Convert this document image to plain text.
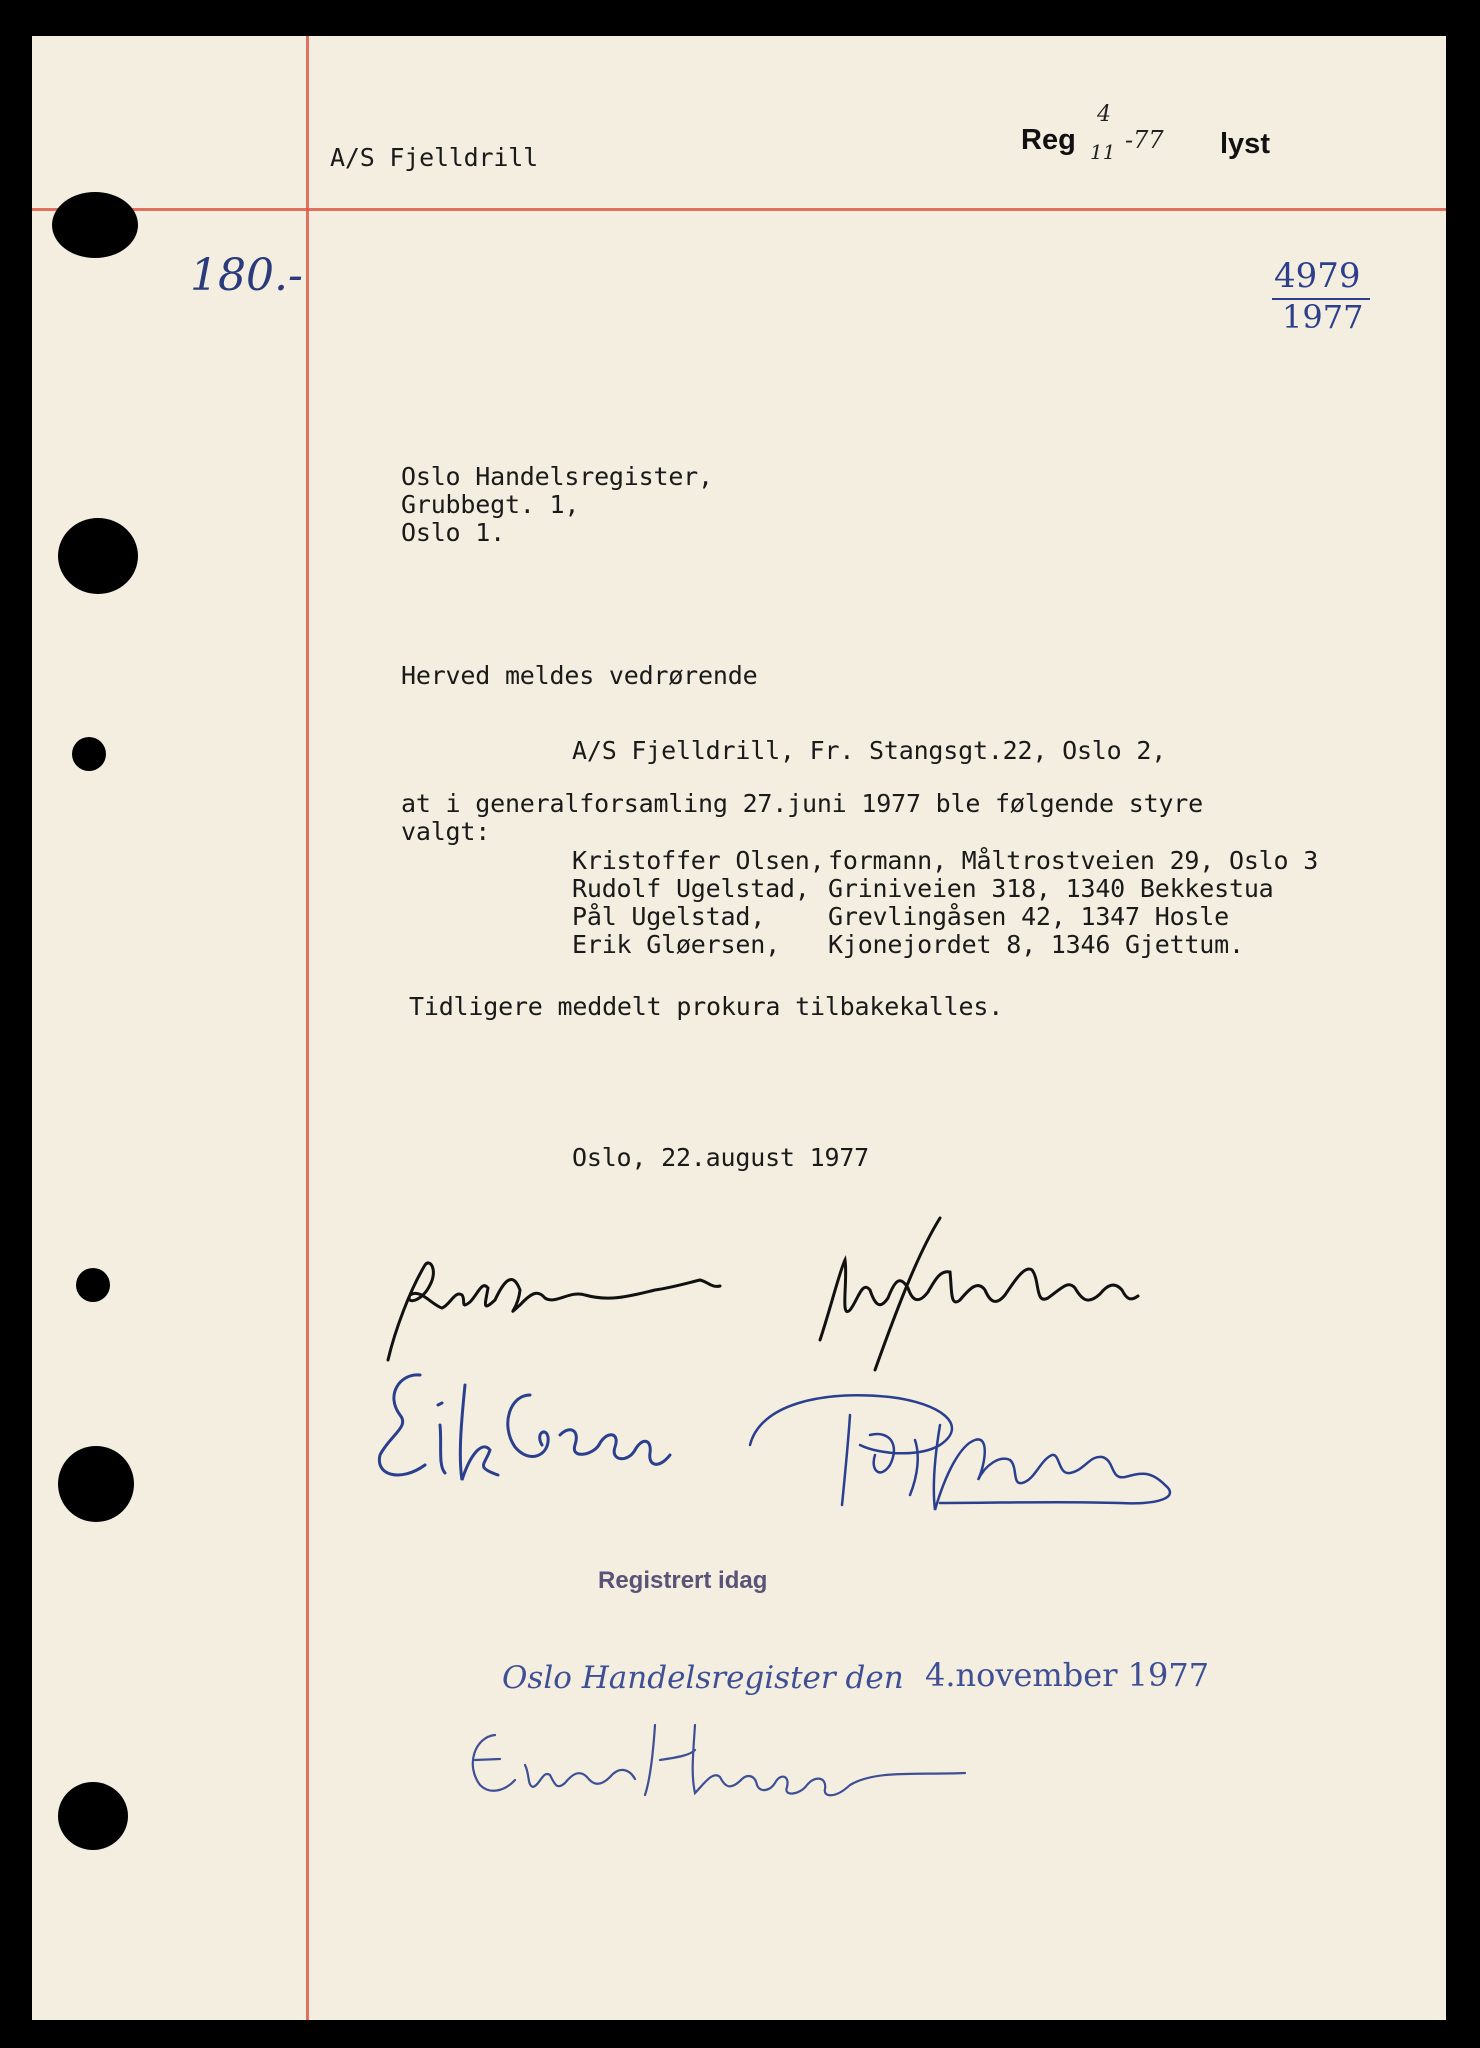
A/S Fjelldrill
Reg
4
11 -77 lyst
180.-	4979
1977
Oslo Handelsregister,
Grubbegt. 1,
Oslo 1.
Herved meldes vedrørende
A/S Fjelldrill, Fr. Stangsgt.22, Oslo 2,
at i generalforsamling 27.juni 1977 ble følgende styre
valgt:
Kristoffer Olsen, formann, Måltrostveien 29, Oslo 3
Rudolf Ugelstad, Griniveien 318, 1340 Bekkestua
Pål Ugelstad,	Grevlingåsen 42, 1347 Hosle
Erik Gløersen, Kjonejordet 8, 1346 Gjettum.
Tidligere meddelt prokura tilbakekalles.
Oslo, 22.august 1977
Registrert idag
Oslo Handelsregister den 4.november 1977
